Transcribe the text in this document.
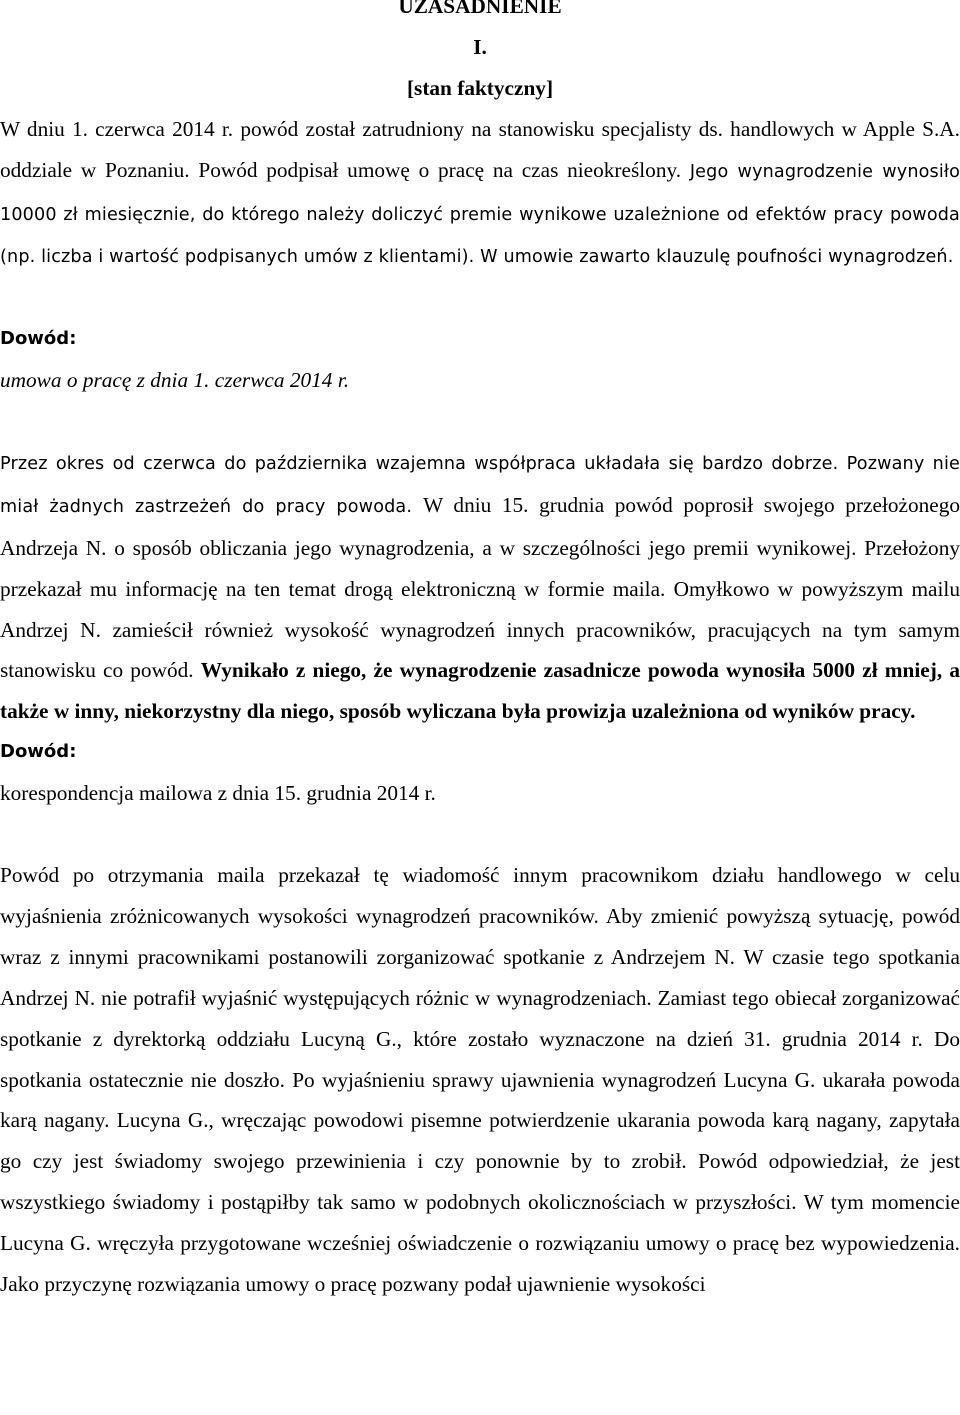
UZASADNIENIE
I.
[stan faktyczny]

W dniu 1. czerwca 2014 r. powód został zatrudniony na stanowisku specjalisty ds. handlowych w Apple S.A. oddziale w Poznaniu. Powód podpisał umowę o pracę na czas nieokreślony. Jego wynagrodzenie wynosiło 10000 zł miesięcznie, do którego należy doliczyć premie wynikowe uzależnione od efektów pracy powoda (np. liczba i wartość podpisanych umów z klientami). W umowie zawarto klauzulę poufności wynagrodzeń.

Dowód:

umowa o pracę z dnia 1. czerwca 2014 r.

Przez okres od czerwca do października wzajemna współpraca układała się bardzo dobrze. Pozwany nie miał żadnych zastrzeżeń do pracy powoda. W dniu 15. grudnia powód poprosił swojego przełożonego Andrzeja N. o sposób obliczania jego wynagrodzenia, a w szczególności jego premii wynikowej. Przełożony przekazał mu informację na ten temat drogą elektroniczną w formie maila. Omyłkowo w powyższym mailu Andrzej N. zamieścił również wysokość wynagrodzeń innych pracowników, pracujących na tym samym stanowisku co powód. Wynikało z niego, że wynagrodzenie zasadnicze powoda wynosiła 5000 zł mniej, a także w inny, niekorzystny dla niego, sposób wyliczana była prowizja uzależniona od wyników pracy.

Dowód:

korespondencja mailowa z dnia 15. grudnia 2014 r.

Powód po otrzymania maila przekazał tę wiadomość innym pracownikom działu handlowego w celu wyjaśnienia zróżnicowanych wysokości wynagrodzeń pracowników. Aby zmienić powyższą sytuację, powód wraz z innymi pracownikami postanowili zorganizować spotkanie z Andrzejem N. W czasie tego spotkania Andrzej N. nie potrafił wyjaśnić występujących różnic w wynagrodzeniach. Zamiast tego obiecał zorganizować spotkanie z dyrektorką oddziału Lucyną G., które zostało wyznaczone na dzień 31. grudnia 2014 r. Do spotkania ostatecznie nie doszło. Po wyjaśnieniu sprawy ujawnienia wynagrodzeń Lucyna G. ukarała powoda karą nagany. Lucyna G., wręczając powodowi pisemne potwierdzenie ukarania powoda karą nagany, zapytała go czy jest świadomy swojego przewinienia i czy ponownie by to zrobił. Powód odpowiedział, że jest wszystkiego świadomy i postąpiłby tak samo w podobnych okolicznościach w przyszłości. W tym momencie Lucyna G. wręczyła przygotowane wcześniej oświadczenie o rozwiązaniu umowy o pracę bez wypowiedzenia. Jako przyczynę rozwiązania umowy o pracę pozwany podał ujawnienie wysokości
